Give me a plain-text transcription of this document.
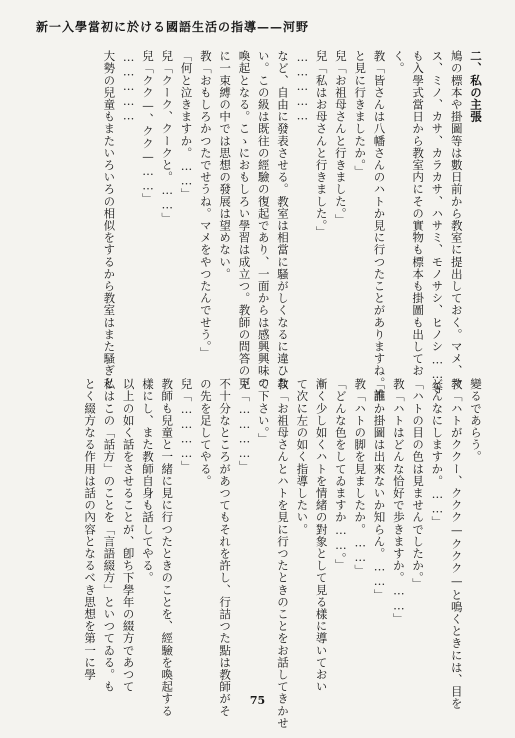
新一入學當初に於ける國語生活の指導——河野
二、私の主張
鳩の標本や掛圖等は數日前から教室に提出しておく。マメ、マ
ス、ミノ、カサ、カラカサ、ハサミ、モノサシ、ヒノシ……等
も入學式當日から教室内にその實物も標本も掛圖も出してお
く。
教「皆さんは八幡さんのハトか見に行つたことがありますね。誰
と見に行きましたか。」
兒「お祖母さんと行きました。」
兒「私はお母さんと行きました。」
……………
など、自由に發表させる。教室は相當に騷がしくなるに違ひな
い。この級は既往の經驗の復起であり、一面からは感興興味の
喚起となる。こゝにおもしろい學習は成立つ。教師の問答の下
に一束縛の中では思想の發展は望めない。
教「おもしろかつたでせうね。マメをやつたんでせう。」
「何と泣きますか。……」
兒「クーク、クークと。……」
兒「クク—、クク—……」
……………
大勢の兒童もまたいろいろの相似をするから教室はまた騷ぎと
變るであらう。
教「ハトがククー、ククク—ククク—と鳴くときには、目を
どんなにしますか。……」
「ハトの目の色は見ませんでしたか。」
教「ハトはどんな恰好で歩きますか。……」
「誰か掛圖は出來ないか知らん。……」
教「ハトの脚を見ましたか。……」
「どんな色をしてゐますか……。」
漸く少し如くハトを情緒の對象として見る樣に導いておい
て次に左の如く指導したい。
教「お祖母さんとハトを見に行つたときのことをお話してきかせ
て下さい。」
兒「…………」
不十分なところがあつてもそれを許し、行詰つた點は教師がそ
の先を足してやる。
兒「…………」
教師も兒童と一緒に見に行つたときのことを、經驗を喚起する
樣にし、また教師自身も話してやる。
以上の如く話をさせることが、卽ち下學年の綴方であつて
私はこの「話方」のことを「言語綴方」といつてゐる。も
とく綴方なる作用は話の內容となるべき思想を第一に學
75
